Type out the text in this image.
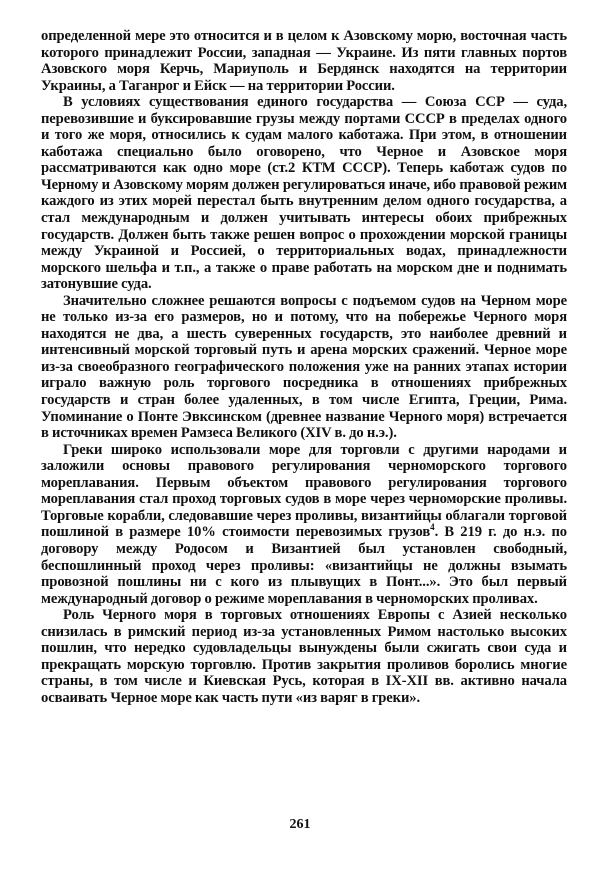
определенной мере это относится и в целом к Азовскому морю, восточная часть которого принадлежит России, западная — Украине. Из пяти главных портов Азовского моря Керчь, Мариуполь и Бердянск находятся на территории Украины, а Таганрог и Ейск — на территории России.

В условиях существования единого государства — Союза ССР — суда, перевозившие и буксировавшие грузы между портами СССР в пределах одного и того же моря, относились к судам малого каботажа. При этом, в отношении каботажа специально было оговорено, что Черное и Азовское моря рассматриваются как одно море (ст.2 КТМ СССР). Теперь каботаж судов по Черному и Азовскому морям должен регулироваться иначе, ибо правовой режим каждого из этих морей перестал быть внутренним делом одного государства, а стал международным и должен учитывать интересы обоих прибрежных государств. Должен быть также решен вопрос о прохождении морской границы между Украиной и Россией, о территориальных водах, принадлежности морского шельфа и т.п., а также о праве работать на морском дне и поднимать затонувшие суда.

Значительно сложнее решаются вопросы с подъемом судов на Черном море не только из-за его размеров, но и потому, что на побережье Черного моря находятся не два, а шесть суверенных государств, это наиболее древний и интенсивный морской торговый путь и арена морских сражений. Черное море из-за своеобразного географического положения уже на ранних этапах истории играло важную роль торгового посредника в отношениях прибрежных государств и стран более удаленных, в том числе Египта, Греции, Рима. Упоминание о Понте Эвксинском (древнее название Черного моря) встречается в источниках времен Рамзеса Великого (XIV в. до н.э.).

Греки широко использовали море для торговли с другими народами и заложили основы правового регулирования черноморского торгового мореплавания. Первым объектом правового регулирования торгового мореплавания стал проход торговых судов в море через черноморские проливы. Торговые корабли, следовавшие через проливы, византийцы облагали торговой пошлиной в размере 10% стоимости перевозимых грузов$^4$. В 219 г. до н.э. по договору между Родосом и Византией был установлен свободный, беспошлинный проход через проливы: «византийцы не должны взымать провозной пошлины ни с кого из плывущих в Понт...». Это был первый международный договор о режиме мореплавания в черноморских проливах.

Роль Черного моря в торговых отношениях Европы с Азией несколько снизилась в римский период из-за установленных Римом настолько высоких пошлин, что нередко судовладельцы вынуждены были сжигать свои суда и прекращать морскую торговлю. Против закрытия проливов боролись многие страны, в том числе и Киевская Русь, которая в IX-XII вв. активно начала осваивать Черное море как часть пути «из варяг в греки».

261
